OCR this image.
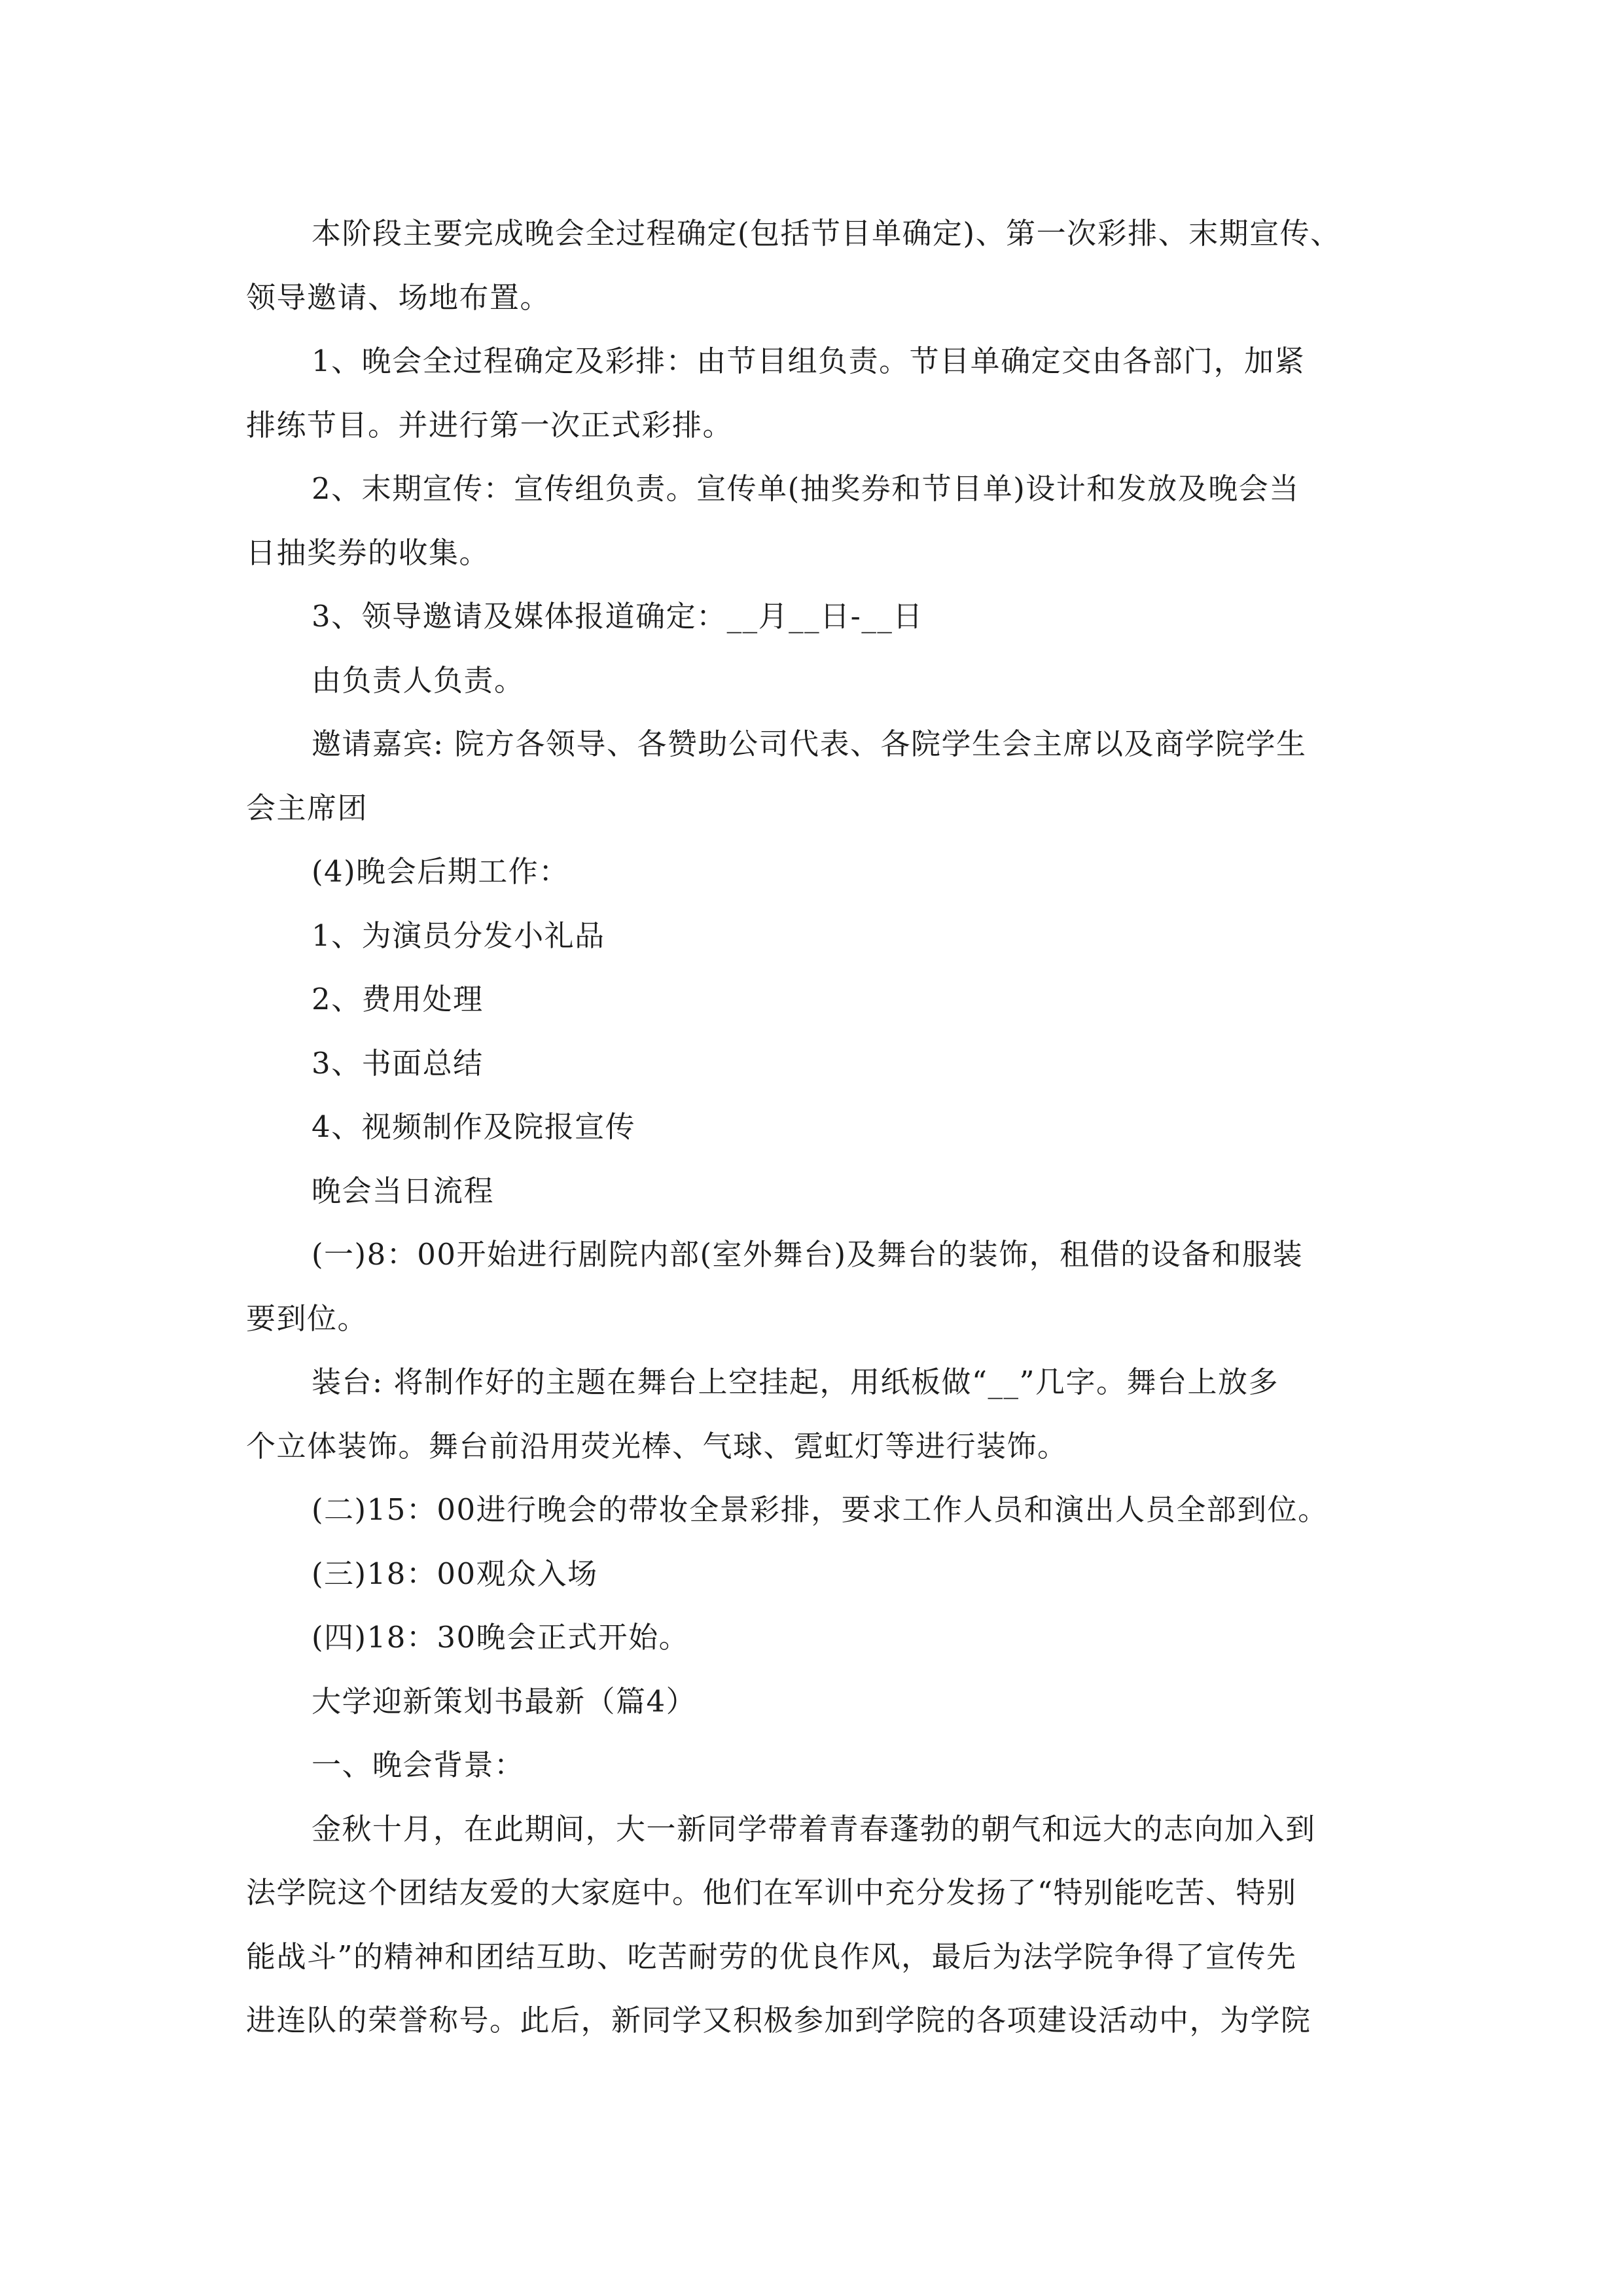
本阶段主要完成晚会全过程确定(包括节目单确定)、第一次彩排、末期宣传、

领导邀请、场地布置。

1、晚会全过程确定及彩排：由节目组负责。节目单确定交由各部门，加紧

排练节目。并进行第一次正式彩排。

2、末期宣传：宣传组负责。宣传单(抽奖券和节目单)设计和发放及晚会当

日抽奖券的收集。

3、领导邀请及媒体报道确定：__月__日-__日

由负责人负责。

邀请嘉宾: 院方各领导、各赞助公司代表、各院学生会主席以及商学院学生

会主席团

(4)晚会后期工作：

1、为演员分发小礼品

2、费用处理

3、书面总结

4、视频制作及院报宣传

晚会当日流程

(一)8：00开始进行剧院内部(室外舞台)及舞台的装饰，租借的设备和服装

要到位。

装台: 将制作好的主题在舞台上空挂起，用纸板做“__”几字。舞台上放多

个立体装饰。舞台前沿用荧光棒、气球、霓虹灯等进行装饰。

(二)15：00进行晚会的带妆全景彩排，要求工作人员和演出人员全部到位。

(三)18：00观众入场

(四)18：30晚会正式开始。

大学迎新策划书最新（篇4）

一、晚会背景：

金秋十月，在此期间，大一新同学带着青春蓬勃的朝气和远大的志向加入到

法学院这个团结友爱的大家庭中。他们在军训中充分发扬了“特别能吃苦、特别

能战斗”的精神和团结互助、吃苦耐劳的优良作风，最后为法学院争得了宣传先

进连队的荣誉称号。此后，新同学又积极参加到学院的各项建设活动中，为学院
